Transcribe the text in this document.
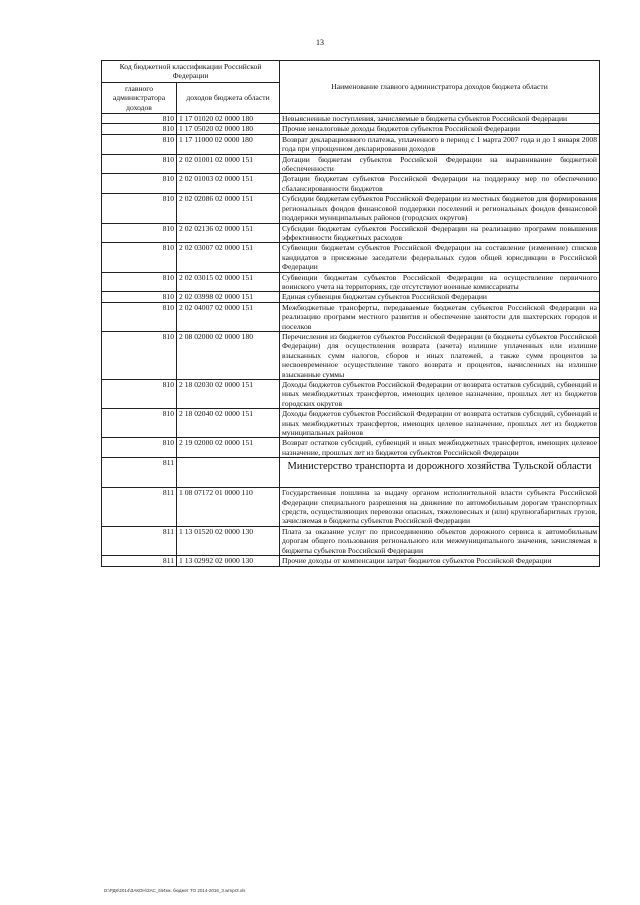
13
Код бюджетной классификации Российской Федерации		Наименование главного администратора доходов бюджета области
главного администратора доходов	доходов бюджета области	
810	1 17 01020 02 0000 180	Невыясненные поступления, зачисляемые в бюджеты субъектов Российской Федерации
810	1 17 05020 02 0000 180	Прочие неналоговые доходы бюджетов субъектов Российской Федерации
810	1 17 11000 02 0000 180	Возврат декларационного платежа, уплаченного в период с 1 марта 2007 года и до 1 января 2008 года при упрощенном декларировании доходов
810	2 02 01001 02 0000 151	Дотации бюджетам субъектов Российской Федерации на выравнивание бюджетной обеспеченности
810	2 02 01003 02 0000 151	Дотации бюджетам субъектов Российской Федерации на поддержку мер по обеспечению сбалансированности бюджетов
810	2 02 02086 02 0000 151	Субсидии бюджетам субъектов Российской Федерации из местных бюджетов для формирования региональных фондов финансовой поддержки поселений и региональных фондов финансовой поддержки муниципальных районов (городских округов)
810	2 02 02136 02 0000 151	Субсидии бюджетам субъектов Российской Федерации на реализацию программ повышения эффективности бюджетных расходов
810	2 02 03007 02 0000 151	Субвенции бюджетам субъектов Российской Федерации на составление (изменение) списков кандидатов в присяжные заседатели федеральных судов общей юрисдикции в Российской Федерации
810	2 02 03015 02 0000 151	Субвенции бюджетам субъектов Российской Федерации на осуществление первичного воинского учета на территориях, где отсутствуют военные комиссариаты
810	2 02 03998 02 0000 151	Единая субвенция бюджетам субъектов Российской Федерации
810	2 02 04007 02 0000 151	Межбюджетные трансферты, передаваемые бюджетам субъектов Российской Федерации на реализацию программ местного развития и обеспечение занятости для шахтерских городов и поселков
810	2 08 02000 02 0000 180	Перечисления из бюджетов субъектов Российской Федерации (в бюджеты субъектов Российской Федерации) для осуществления возврата (зачета) излишне уплаченных или излишне взысканных сумм налогов, сборов и иных платежей, а также сумм процентов за несвоевременное осуществление такого возврата и процентов, начисленных на излишне взысканные суммы
810	2 18 02030 02 0000 151	Доходы бюджетов субъектов Российской Федерации от возврата остатков субсидий, субвенций и иных межбюджетных трансфертов, имеющих целевое назначение, прошлых лет из бюджетов городских округов
810	2 18 02040 02 0000 151	Доходы бюджетов субъектов Российской Федерации от возврата остатков субсидий, субвенций и иных межбюджетных трансфертов, имеющих целевое назначение, прошлых лет из бюджетов муниципальных районов
810	2 19 02000 02 0000 151	Возврат остатков субсидий, субвенций и иных межбюджетных трансфертов, имеющих целевое назначение, прошлых лет из бюджетов субъектов Российской Федерации
811		Министерство транспорта и дорожного хозяйства Тульской области
811	1 08 07172 01 0000 110	Государственная пошлина за выдачу органом исполнительной власти субъекта Российской Федерации специального разрешения на движение по автомобильным дорогам транспортных средств, осуществляющих перевозки опасных, тяжеловесных и (или) крупногабаритных грузов, зачисляемая в бюджеты субъектов Российской Федерации
811	1 13 01520 02 0000 130	Плата за оказание услуг по присоединению объектов дорожного сервиса к автомобильным дорогам общего пользования регионального или межмуниципального значения, зачисляемая в бюджеты субъектов Российской Федерации
811	1 13 02992 02 0000 130	Прочие доходы от компенсации затрат бюджетов субъектов Российской Федерации
D:\РДК\2014\ЗАКОН\ЗАС_6\Изм. бюджет ТО 2014-2016_3.wmpr3.xls
